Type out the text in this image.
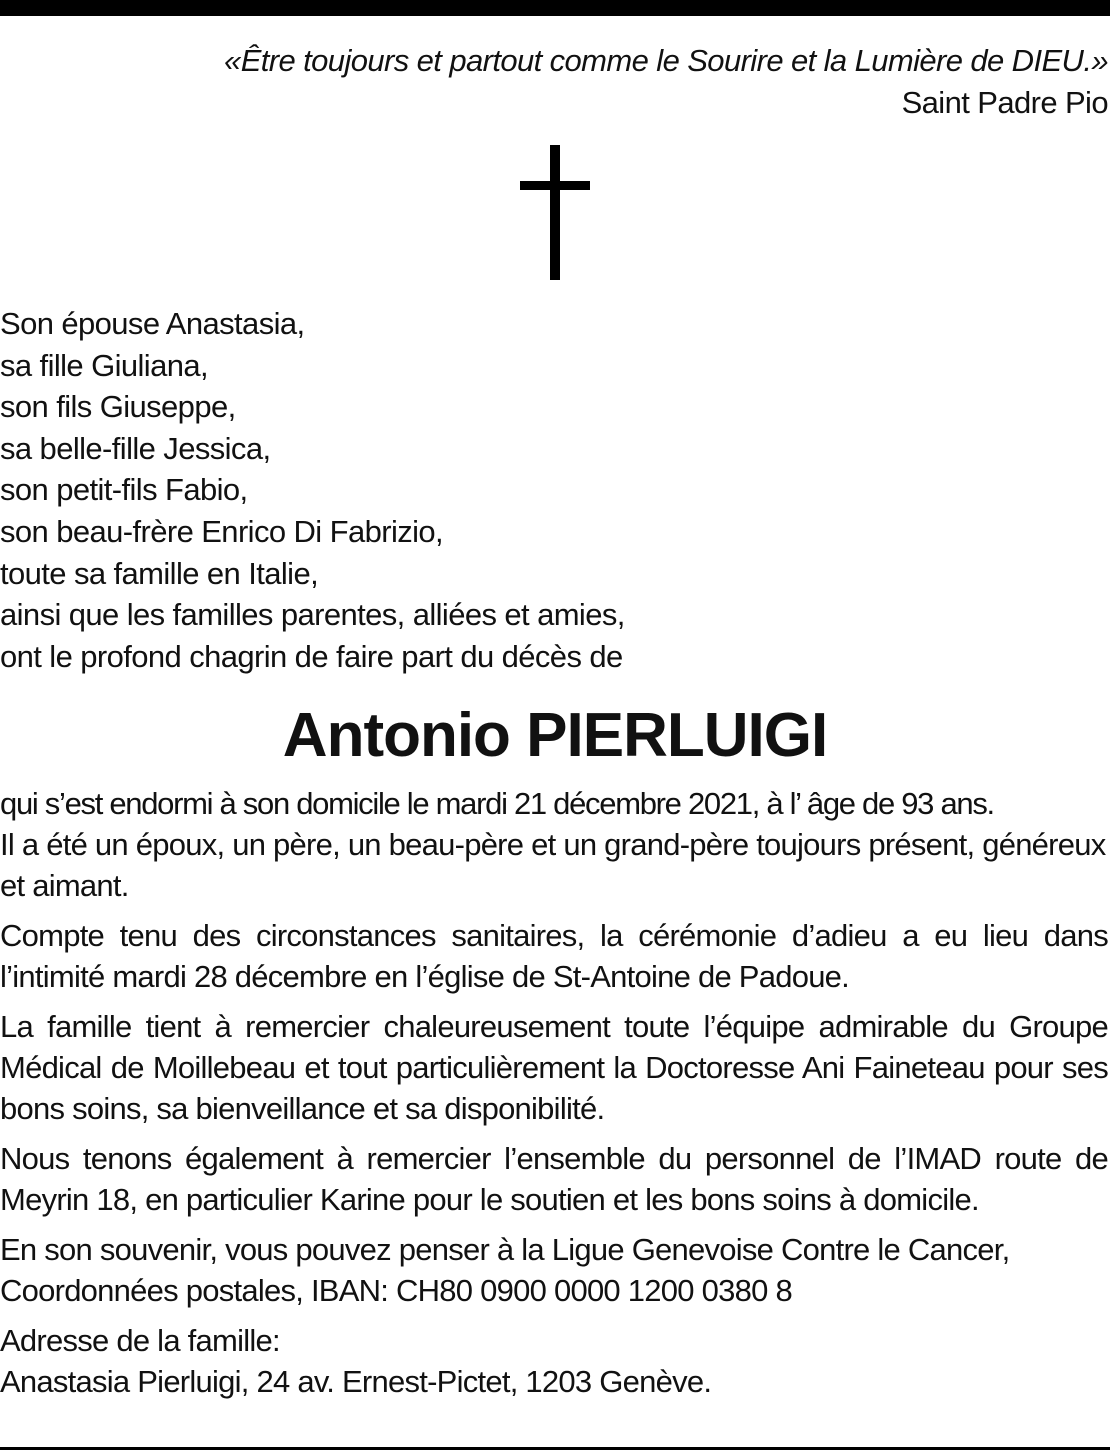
«Être toujours et partout comme le Sourire et la Lumière de DIEU.»
Saint Padre Pio
Son épouse Anastasia,
sa fille Giuliana,
son fils Giuseppe,
sa belle-fille Jessica,
son petit-fils Fabio,
son beau-frère Enrico Di Fabrizio,
toute sa famille en Italie,
ainsi que les familles parentes, alliées et amies,
ont le profond chagrin de faire part du décès de
Antonio PIERLUIGI

qui s’est endormi à son domicile le mardi 21 décembre 2021, à l’ âge de 93 ans.
Il a été un époux, un père, un beau-père et un grand-père toujours présent, généreux et aimant.

Compte tenu des circonstances sanitaires, la cérémonie d’adieu a eu lieu dans l’intimité mardi 28 décembre en l’église de St-Antoine de Padoue.

La famille tient à remercier chaleureusement toute l’équipe admirable du Groupe Médical de Moillebeau et tout particulièrement la Doctoresse Ani Faineteau pour ses bons soins, sa bienveillance et sa disponibilité.

Nous tenons également à remercier l’ensemble du personnel de l’IMAD route de Meyrin 18, en particulier Karine pour le soutien et les bons soins à domicile.

En son souvenir, vous pouvez penser à la Ligue Genevoise Contre le Cancer, Coordonnées postales, IBAN: CH80 0900 0000 1200 0380 8

Adresse de la famille:
Anastasia Pierluigi, 24 av. Ernest-Pictet, 1203 Genève.
